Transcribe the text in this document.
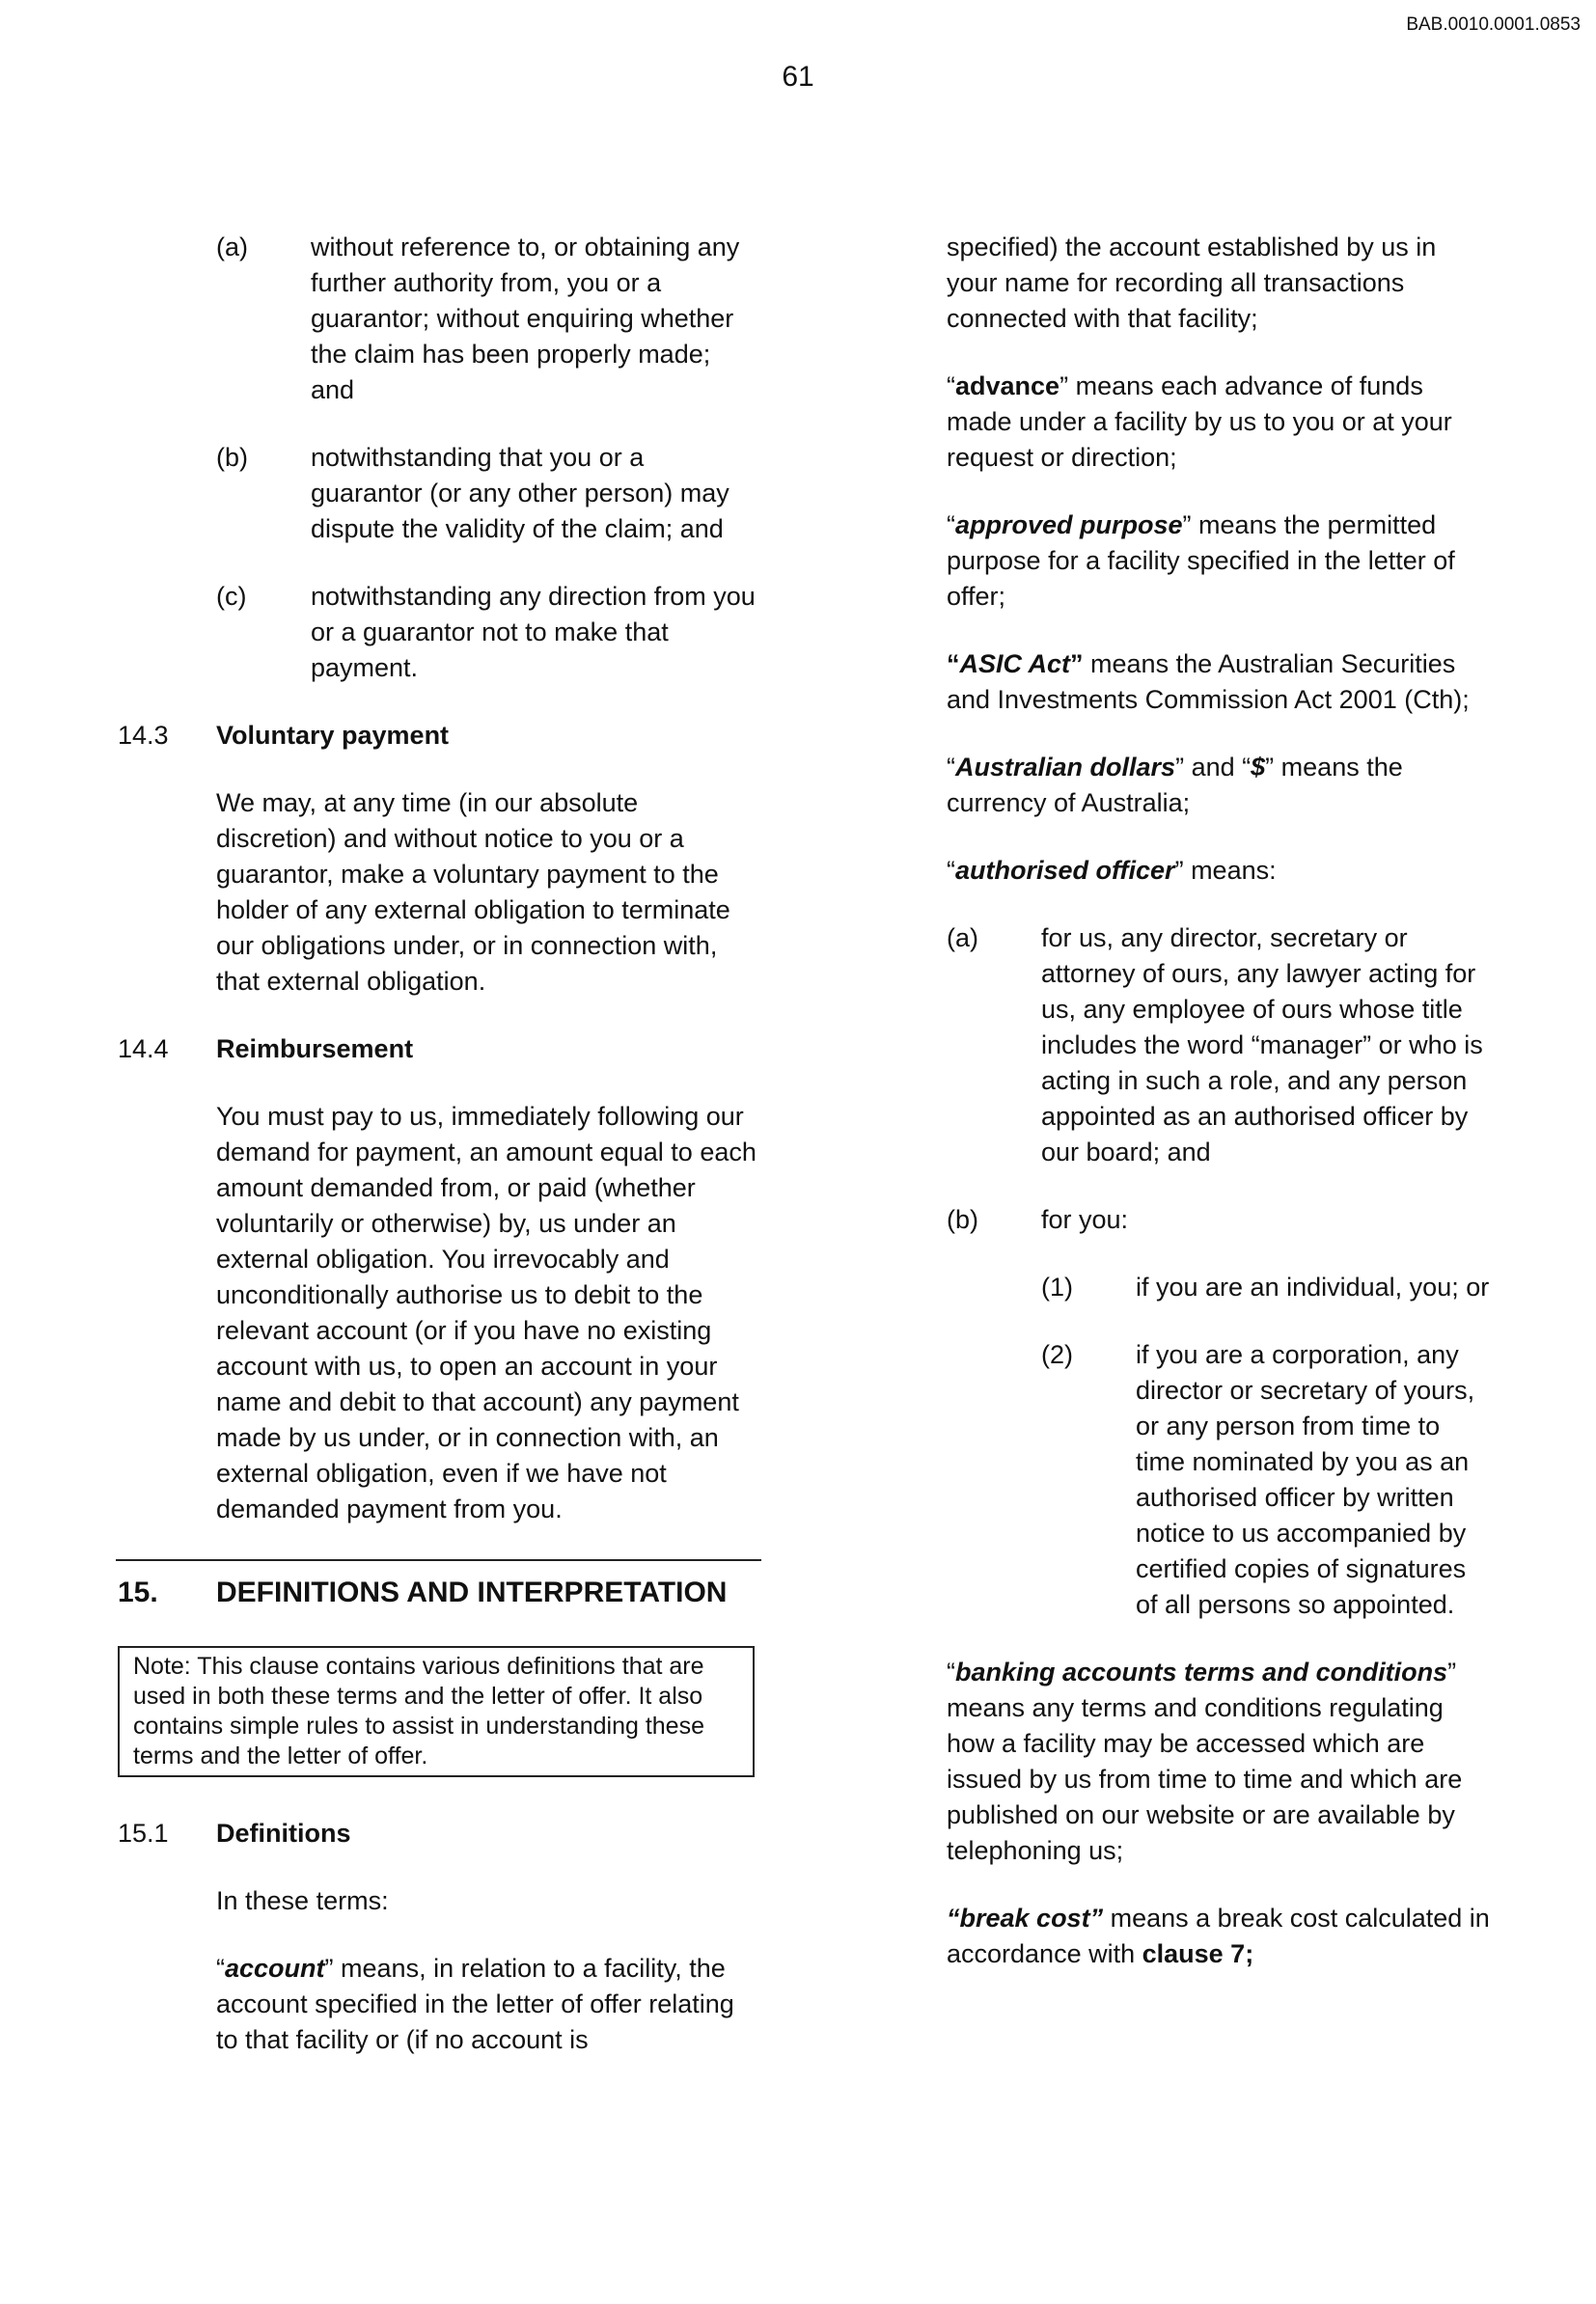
BAB.0010.0001.0853
61
(a)	without reference to, or obtaining any further authority from, you or a guarantor; without enquiring whether the claim has been properly made; and
(b)	notwithstanding that you or a guarantor (or any other person) may dispute the validity of the claim; and
(c)	notwithstanding any direction from you or a guarantor not to make that payment.
14.3	Voluntary payment

We may, at any time (in our absolute discretion) and without notice to you or a guarantor, make a voluntary payment to the holder of any external obligation to terminate our obligations under, or in connection with, that external obligation.

14.4	Reimbursement

You must pay to us, immediately following our demand for payment, an amount equal to each amount demanded from, or paid (whether voluntarily or otherwise) by, us under an external obligation. You irrevocably and unconditionally authorise us to debit to the relevant account (or if you have no existing account with us, to open an account in your name and debit to that account) any payment made by us under, or in connection with, an external obligation, even if we have not demanded payment from you.

15.	DEFINITIONS AND INTERPRETATION
Note: This clause contains various definitions that are used in both these terms and the letter of offer. It also contains simple rules to assist in understanding these terms and the letter of offer.
15.1	Definitions

In these terms:

“account” means, in relation to a facility, the account specified in the letter of offer relating to that facility or (if no account is

specified) the account established by us in your name for recording all transactions connected with that facility;

“advance” means each advance of funds made under a facility by us to you or at your request or direction;

“approved purpose” means the permitted purpose for a facility specified in the letter of offer;

“ASIC Act” means the Australian Securities and Investments Commission Act 2001 (Cth);

“Australian dollars” and “$” means the currency of Australia;

“authorised officer” means:

(a)	for us, any director, secretary or attorney of ours, any lawyer acting for us, any employee of ours whose title includes the word “manager” or who is acting in such a role, and any person appointed as an authorised officer by our board; and
(b)	for you:
(1)	if you are an individual, you; or
(2)	if you are a corporation, any director or secretary of yours, or any person from time to time nominated by you as an authorised officer by written notice to us accompanied by certified copies of signatures of all persons so appointed.

“banking accounts terms and conditions” means any terms and conditions regulating how a facility may be accessed which are issued by us from time to time and which are published on our website or are available by telephoning us;

“break cost” means a break cost calculated in accordance with clause 7;
